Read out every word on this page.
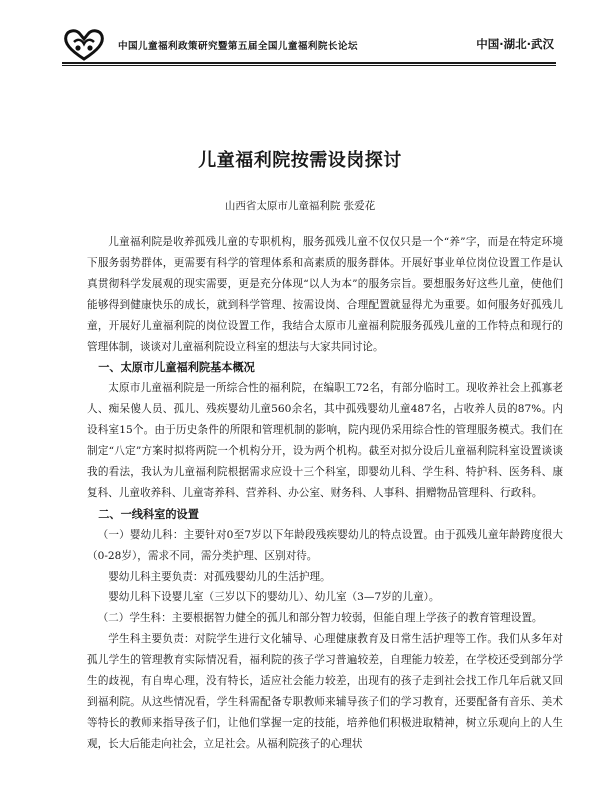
中国儿童福利政策研究暨第五届全国儿童福利院长论坛	中国·湖北·武汉
儿童福利院按需设岗探讨
山西省太原市儿童福利院 张爱花

儿童福利院是收养孤残儿童的专职机构，服务孤残儿童不仅仅只是一个“养”字，而是在特定环境下服务弱势群体，更需要有科学的管理体系和高素质的服务群体。开展好事业单位岗位设置工作是认真贯彻科学发展观的现实需要，更是充分体现“以人为本”的服务宗旨。要想服务好这些儿童，使他们能够得到健康快乐的成长，就到科学管理、按需设岗、合理配置就显得尤为重要。如何服务好孤残儿童，开展好儿童福利院的岗位设置工作，我结合太原市儿童福利院服务孤残儿童的工作特点和现行的管理体制，谈谈对儿童福利院设立科室的想法与大家共同讨论。

一、太原市儿童福利院基本概况

太原市儿童福利院是一所综合性的福利院，在编职工72名，有部分临时工。现收养社会上孤寡老人、痴呆傻人员、孤儿、残疾婴幼儿童560余名，其中孤残婴幼儿童487名，占收养人员的87%。内设科室15个。由于历史条件的所限和管理机制的影响，院内现仍采用综合性的管理服务模式。我们在制定“八定”方案时拟将两院一个机构分开，设为两个机构。截至对拟分设后儿童福利院科室设置谈谈我的看法，我认为儿童福利院根据需求应设十三个科室，即婴幼儿科、学生科、特护科、医务科、康复科、儿童收养科、儿童寄养科、营养科、办公室、财务科、人事科、捐赠物品管理科、行政科。

二、一线科室的设置

（一）婴幼儿科：主要针对0至7岁以下年龄段残疾婴幼儿的特点设置。由于孤残儿童年龄跨度很大（0-28岁），需求不同，需分类护理、区别对待。

婴幼儿科主要负责：对孤残婴幼儿的生活护理。

婴幼儿科下设婴儿室（三岁以下的婴幼儿）、幼儿室（3—7岁的儿童）。

（二）学生科：主要根据智力健全的孤儿和部分智力较弱，但能自理上学孩子的教育管理设置。

学生科主要负责：对院学生进行文化辅导、心理健康教育及日常生活护理等工作。我们从多年对孤儿学生的管理教育实际情况看，福利院的孩子学习普遍较差，自理能力较差，在学校还受到部分学生的歧视，有自卑心理，没有特长，适应社会能力较差，出现有的孩子走到社会找工作几年后就又回到福利院。从这些情况看，学生科需配备专职教师来辅导孩子们的学习教育，还要配备有音乐、美术等特长的教师来指导孩子们，让他们掌握一定的技能，培养他们积极进取精神，树立乐观向上的人生观，长大后能走向社会，立足社会。从福利院孩子的心理状
